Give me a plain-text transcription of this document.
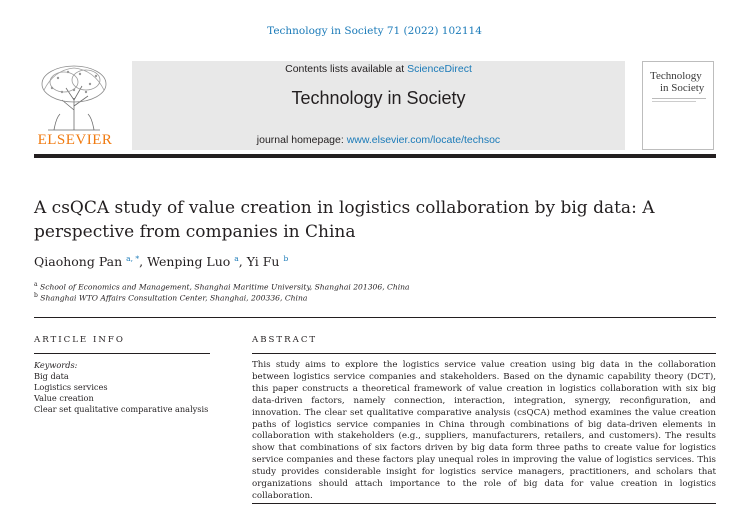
Technology in Society 71 (2022) 102114
ELSEVIER
Contents lists available at ScienceDirect
Technology in Society
journal homepage: www.elsevier.com/locate/techsoc
Technology
in Society
A csQCA study of value creation in logistics collaboration by big data: A perspective from companies in China
Qiaohong Pan $^{a, *}$, Wenping Luo $^a$, Yi Fu $^b$
$^a$ School of Economics and Management, Shanghai Maritime University, Shanghai 201306, China
$^b$ Shanghai WTO Affairs Consultation Center, Shanghai, 200336, China
ARTICLE INFO	ABSTRACT
Keywords:
Big data
Logistics services
Value creation
Clear set qualitative comparative analysis
This study aims to explore the logistics service value creation using big data in the collaboration between logistics service companies and stakeholders. Based on the dynamic capability theory (DCT), this paper constructs a theoretical framework of value creation in logistics collaboration with six big data-driven factors, namely connection, interaction, integration, synergy, reconfiguration, and innovation. The clear set qualitative comparative analysis (csQCA) method examines the value creation paths of logistics service companies in China through combinations of big data-driven elements in collaboration with stakeholders (e.g., suppliers, manufacturers, retailers, and customers). The results show that combinations of six factors driven by big data form three paths to create value for logistics service companies and these factors play unequal roles in improving the value of logistics services. This study provides considerable insight for logistics service managers, practitioners, and scholars that organizations should attach importance to the role of big data for value creation in logistics collaboration.
